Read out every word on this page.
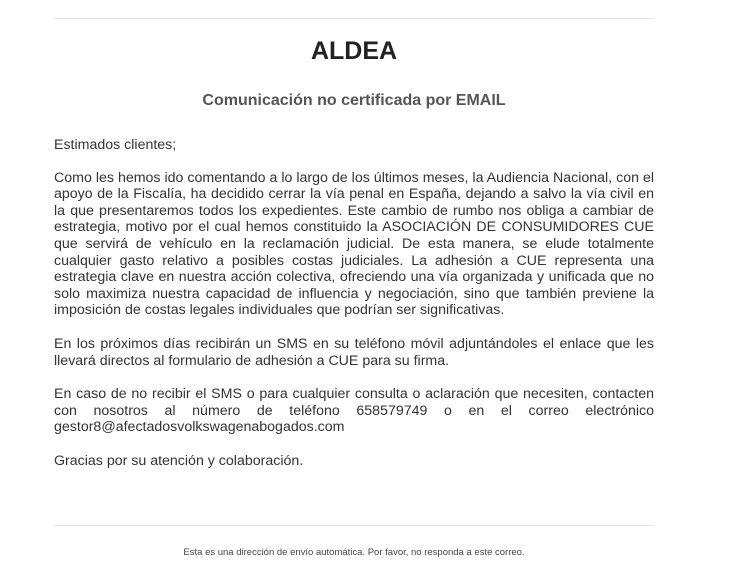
ALDEA
Comunicación no certificada por EMAIL

Estimados clientes;

Como les hemos ido comentando a lo largo de los últimos meses, la Audiencia Nacional, con el apoyo de la Fiscalía, ha decidido cerrar la vía penal en España, dejando a salvo la vía civil en la que presentaremos todos los expedientes. Este cambio de rumbo nos obliga a cambiar de estrategia, motivo por el cual hemos constituido la ASOCIACIÓN DE CONSUMIDORES CUE que servirá de vehículo en la reclamación judicial. De esta manera, se elude totalmente cualquier gasto relativo a posibles costas judiciales. La adhesión a CUE representa una estrategia clave en nuestra acción colectiva, ofreciendo una vía organizada y unificada que no solo maximiza nuestra capacidad de influencia y negociación, sino que también previene la imposición de costas legales individuales que podrían ser significativas.

En los próximos días recibirán un SMS en su teléfono móvil adjuntándoles el enlace que les llevará directos al formulario de adhesión a CUE para su firma.

En caso de no recibir el SMS o para cualquier consulta o aclaración que necesiten, contacten con nosotros al número de teléfono 658579749 o en el correo electrónico gestor8@afectadosvolkswagenabogados.com

Gracias por su atención y colaboración.

Esta es una dirección de envío automática. Por favor, no responda a este correo.
